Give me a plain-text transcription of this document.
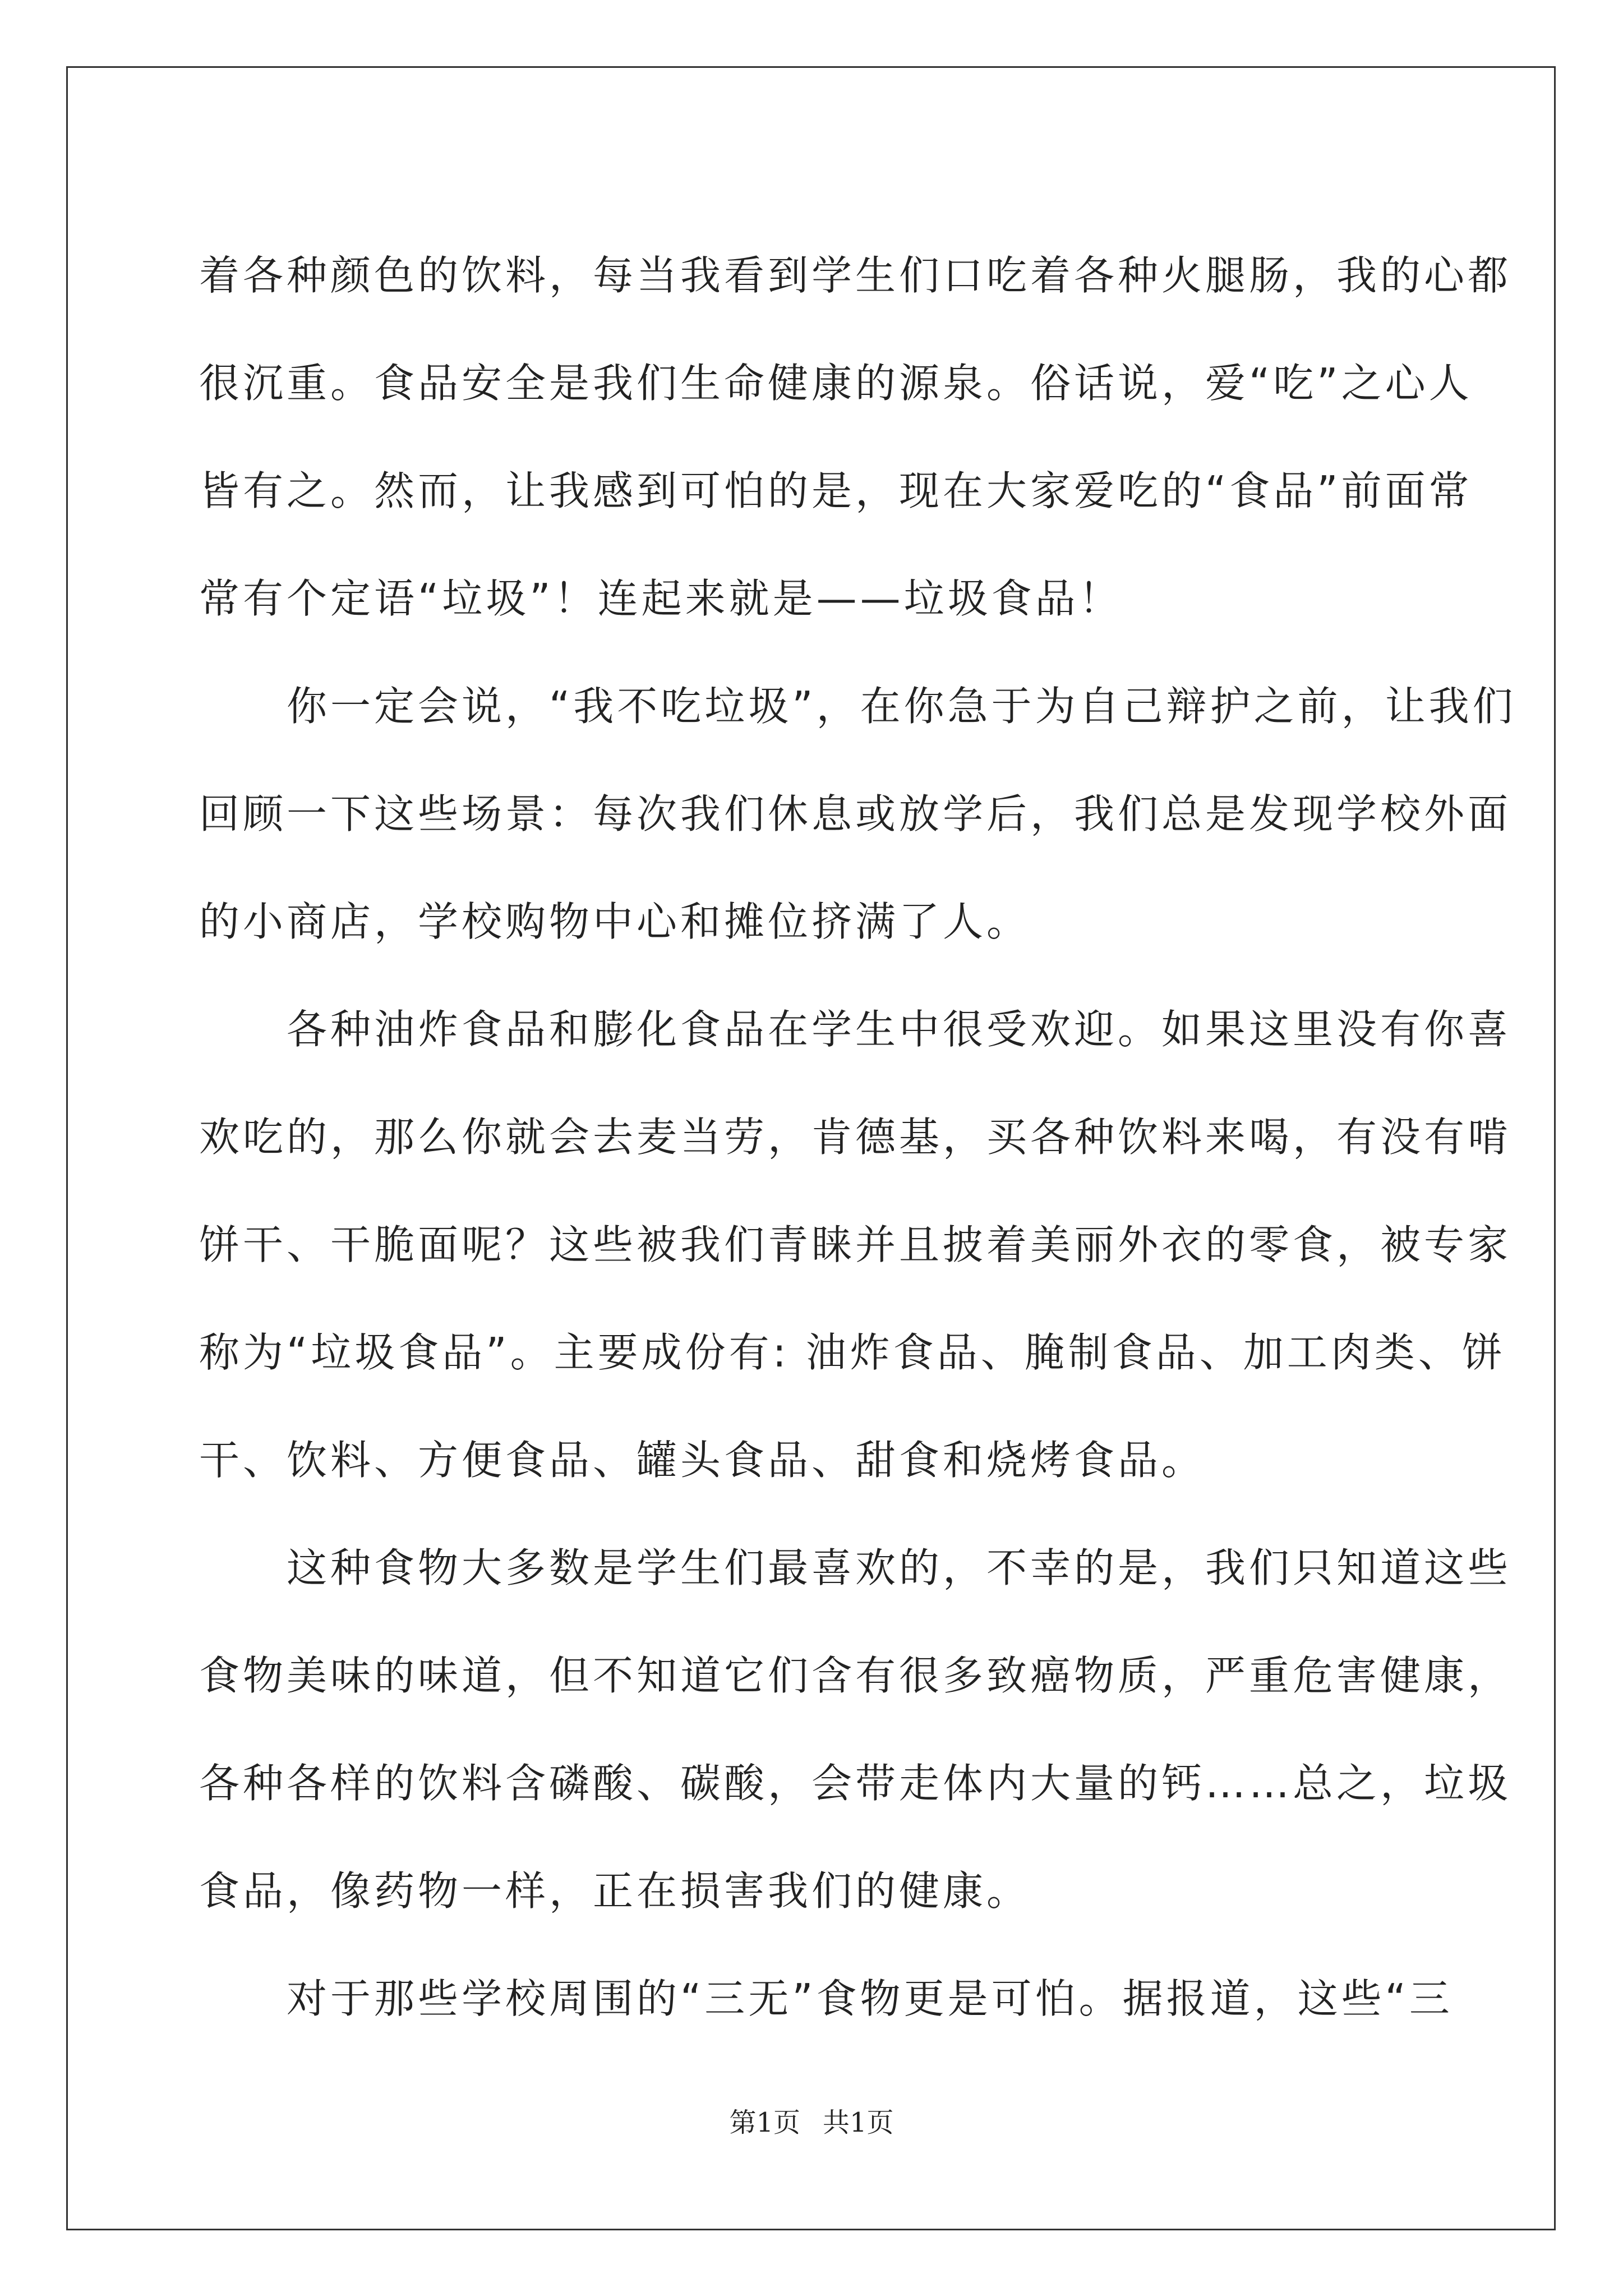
着各种颜色的饮料，每当我看到学生们口吃着各种火腿肠，我的心都
很沉重。食品安全是我们生命健康的源泉。俗话说，爱“吃”之心人
皆有之。然而，让我感到可怕的是，现在大家爱吃的“食品”前面常
常有个定语“垃圾”！连起来就是——垃圾食品！

你一定会说，“我不吃垃圾”，在你急于为自己辩护之前，让我们
回顾一下这些场景：每次我们休息或放学后，我们总是发现学校外面
的小商店，学校购物中心和摊位挤满了人。

各种油炸食品和膨化食品在学生中很受欢迎。如果这里没有你喜
欢吃的，那么你就会去麦当劳，肯德基，买各种饮料来喝，有没有啃
饼干、干脆面呢？这些被我们青睐并且披着美丽外衣的零食，被专家
称为“垃圾食品”。主要成份有: 油炸食品、腌制食品、加工肉类、饼
干、饮料、方便食品、罐头食品、甜食和烧烤食品。

这种食物大多数是学生们最喜欢的，不幸的是，我们只知道这些
食物美味的味道，但不知道它们含有很多致癌物质，严重危害健康，
各种各样的饮料含磷酸、碳酸，会带走体内大量的钙……总之，垃圾
食品，像药物一样，正在损害我们的健康。

对于那些学校周围的“三无”食物更是可怕。据报道，这些“三

第1页 共1页
